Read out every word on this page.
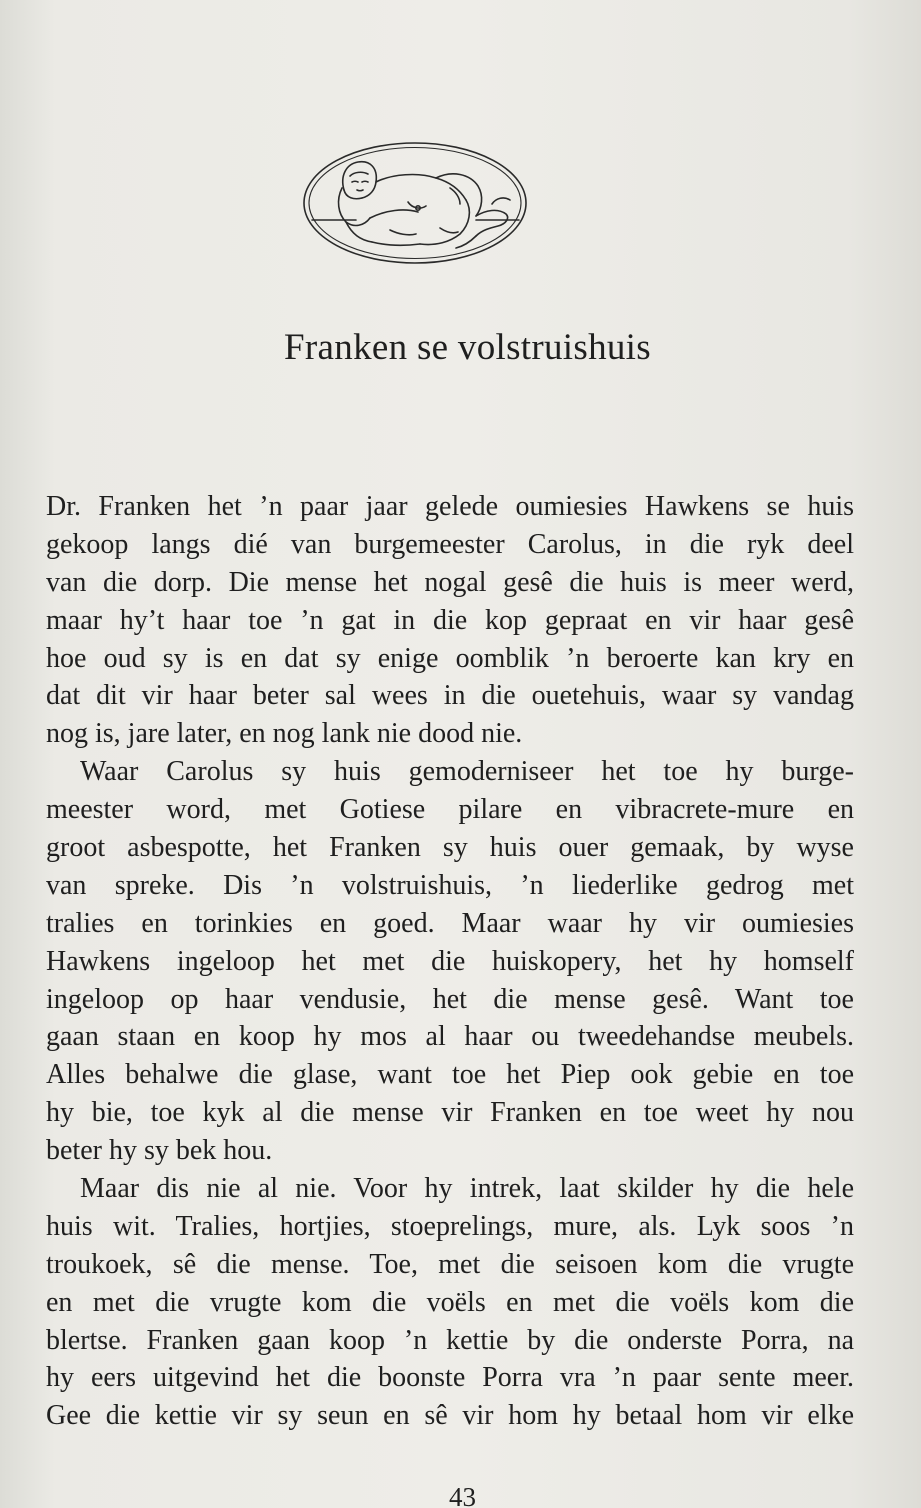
Franken se volstruishuis
Dr. Franken het ’n paar jaar gelede oumiesies Hawkens se huis
gekoop langs dié van burgemeester Carolus, in die ryk deel
van die dorp. Die mense het nogal gesê die huis is meer werd,
maar hy’t haar toe ’n gat in die kop gepraat en vir haar gesê
hoe oud sy is en dat sy enige oomblik ’n beroerte kan kry en
dat dit vir haar beter sal wees in die ouetehuis, waar sy vandag
nog is, jare later, en nog lank nie dood nie.
Waar Carolus sy huis gemoderniseer het toe hy burge-
meester word, met Gotiese pilare en vibracrete-mure en
groot asbespotte, het Franken sy huis ouer gemaak, by wyse
van spreke. Dis ’n volstruishuis, ’n liederlike gedrog met
tralies en torinkies en goed. Maar waar hy vir oumiesies
Hawkens ingeloop het met die huiskopery, het hy homself
ingeloop op haar vendusie, het die mense gesê. Want toe
gaan staan en koop hy mos al haar ou tweedehandse meubels.
Alles behalwe die glase, want toe het Piep ook gebie en toe
hy bie, toe kyk al die mense vir Franken en toe weet hy nou
beter hy sy bek hou.
Maar dis nie al nie. Voor hy intrek, laat skilder hy die hele
huis wit. Tralies, hortjies, stoeprelings, mure, als. Lyk soos ’n
troukoek, sê die mense. Toe, met die seisoen kom die vrugte
en met die vrugte kom die voëls en met die voëls kom die
blertse. Franken gaan koop ’n kettie by die onderste Porra, na
hy eers uitgevind het die boonste Porra vra ’n paar sente meer.
Gee die kettie vir sy seun en sê vir hom hy betaal hom vir elke
43
